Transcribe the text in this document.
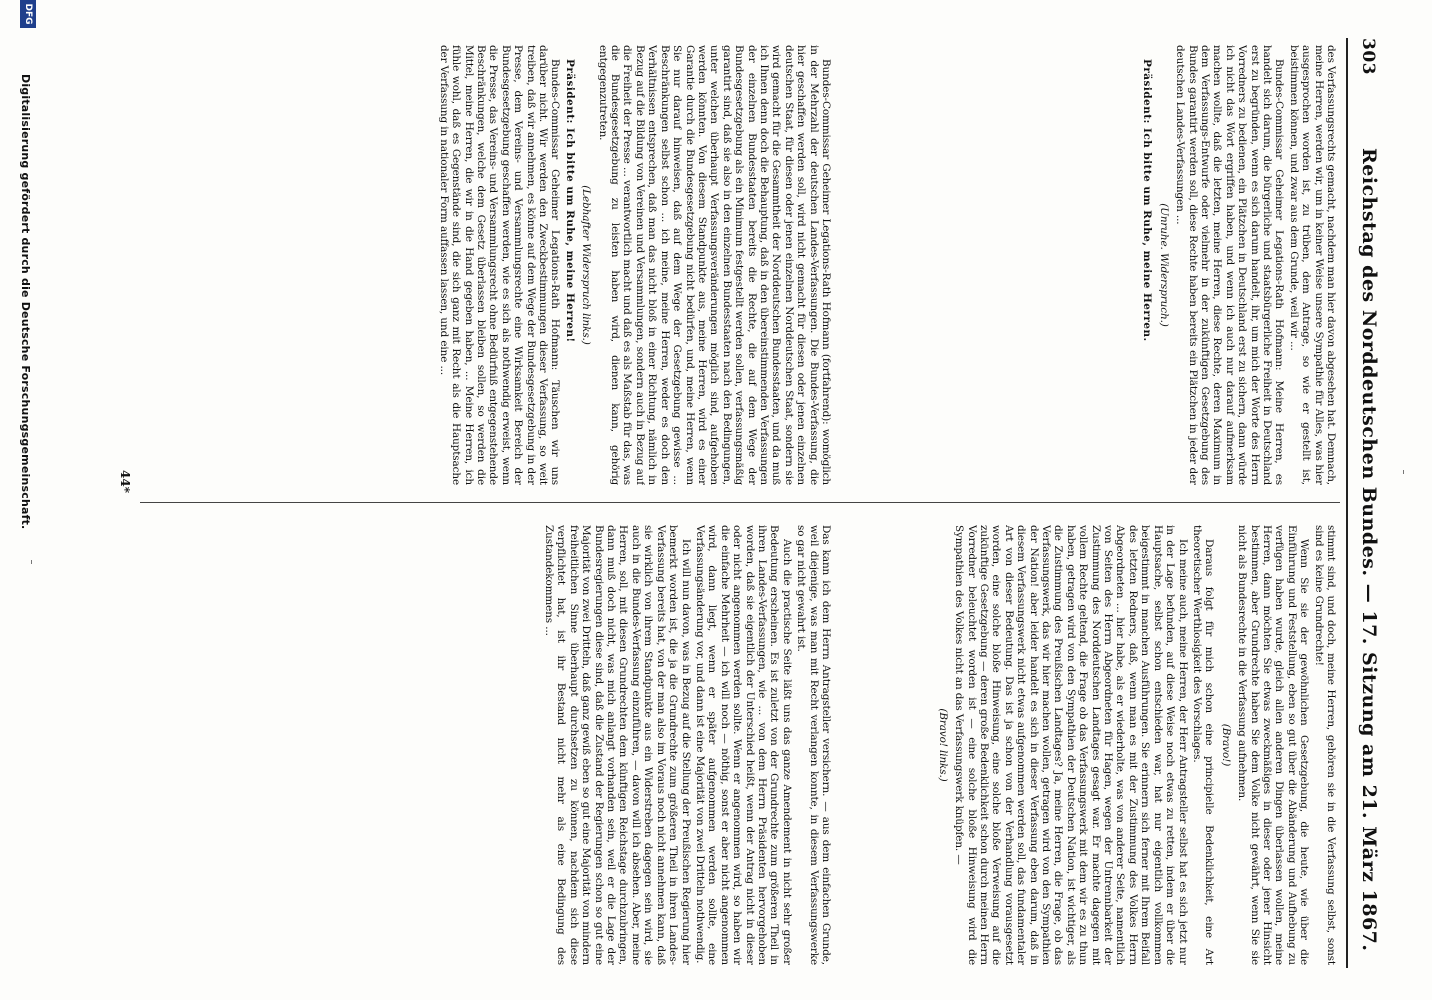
303
Reichstag des Norddeutschen Bundes. — 17. Sitzung am 21. März 1867.

des Verfassungsrechts gemacht, nachdem man hier davon abgesehen hat. Demnach, meine Herren, werden wir, um in keiner Weise unsere Sympathie für Alles, was hier ausgesprochen worden ist, zu trüben, dem Antrage, so wie er gestellt ist, beistimmen können, und zwar aus dem Grunde, weil wir ...

Bundes-Commissar Geheimer Legations-Rath Hofmann: Meine Herren, es handelt sich darum, die bürgerliche und staatsbürgerliche Freiheit in Deutschland erst zu begründen, wenn es sich darum handelt, ihr, um mich der Worte des Herrn Vorredners zu bedienen, ein Plätzchen in Deutschland erst zu sichern, dann würde ich nicht das Wort ergriffen haben, und wenn ich auch nur darauf aufmerksam machen wollte, daß die letzten, meine Herren, diese Rechte, deren Maximum in dem Verfassungs-Entwurfe oder vielmehr in der zukünftigen Gesetzgebung des Bundes garantirt werden soll, diese Rechte haben bereits ein Plätzchen in jeder der deutschen Landes-Verfassungen ...

(Unruhe. Widerspruch.)

Präsident: Ich bitte um Ruhe, meine Herren.

Bundes-Commissar Geheimer Legations-Rath Hofmann (fortfahrend): womöglich in der Mehrzahl der deutschen Landes-Verfassungen. Die Bundes-Verfassung, die hier geschaffen werden soll, wird nicht gemacht für diesen oder jenen einzelnen deutschen Staat, für diesen oder jenen einzelnen Norddeutschen Staat, sondern sie wird gemacht für die Gesammtheit der Norddeutschen Bundesstaaten, und da muß ich Ihnen denn doch die Behauptung, daß in den übereinstimmenden Verfassungen der einzelnen Bundesstaaten bereits die Rechte, die auf dem Wege der Bundesgesetzgebung als ein Minimum festgestellt werden sollen, verfassungsmäßig garantirt sind, daß sie also in den einzelnen Bundesstaaten nach den Bedingungen, unter welchen überhaupt Verfassungsveränderungen möglich sind, aufgehoben werden könnten. Von diesem Standpunkte aus, meine Herren, wird es einer Garantie durch die Bundesgesetzgebung nicht bedürfen, und, meine Herren, wenn Sie nur darauf hinweisen, daß auf dem Wege der Gesetzgebung gewisse ... Beschränkungen selbst schon ... ich meine, meine Herren, weder es doch den Verhältnissen entsprechen, daß man das nicht bloß in einer Richtung, nämlich in Bezug auf die Bildung von Vereinen und Versammlungen, sondern auch in Bezug auf die Freiheit der Presse ... verantwortlich macht und daß es als Maßstab für das, was die Bundesgesetzgebung zu leisten haben wird, dienen kann, gehörig entgegenzutreten.

(Lebhafter Widerspruch links.)

Präsident: Ich bitte um Ruhe, meine Herren!

Bundes-Commissar Geheimer Legations-Rath Hofmann: Täuschen wir uns darüber nicht. Wir werden den Zweckbestimmungen dieser Verfassung, so weit treiben, daß wir annehmen, es könne auf dem Wege der Bundesgesetzgebung in der Presse, dem Vereins- und Versammlungsrechte eine Wirksamkeit Bereich der Bundesgesetzgebung geschaffen werden, wie es sich als nothwendig erweist, wenn die Presse, das Vereins- und Versammlungsrecht ohne Bedürfniß entgegenstehende Beschränkungen, welche dem Gesetz überlassen bleiben sollen, so werden die Mittel, meine Herren, die wir in die Hand gegeben haben, ... Meine Herren, ich fühle wohl, daß es Gegenstände sind, die sich ganz mit Recht als die Hauptsache der Verfassung in nationaler Form auffassen lassen, und eine ...

stimmt sind, und doch, meine Herren, gehören sie in die Verfassung selbst, sonst sind es keine Grundrechte!

Wenn Sie sie der gewöhnlichen Gesetzgebung, die heute, wie über die Einführung und Feststellung, eben so gut über die Abänderung und Aufhebung zu verfügen haben wurde, gleich allen anderen Dingen überlassen wollen, meine Herren, dann möchten Sie etwas zweckmäßiges in dieser oder jener Hinsicht bestimmen, aber Grundrechte haben Sie dem Volke nicht gewährt, wenn Sie sie nicht als Bundesrechte in die Verfassung aufnehmen.

(Bravo!)

Daraus folgt für mich schon eine principielle Bedenklichkeit, eine Art theoretischer Werthlosigkeit des Vorschlages.

Ich meine auch, meine Herren, der Herr Antragsteller selbst hat es sich jetzt nur in der Lage befunden, auf diese Weise noch etwas zu retten, indem er über die Hauptsache, selbst schon entschieden war, hat nur eigentlich vollkommen beigestimmt in manchen Ausführungen. Sie erinnern sich ferner mit Ihrem Beifall des letzten Redners, daß, wenn man es mit der Zustimmung des Volkes Herrn Abgeordneten ... hier habe, als er wiederholte, was von anderer Seite, namentlich von Seiten des Herrn Abgeordneten für Hagen, wegen der Untrennbarkeit der Zustimmung des Norddeutschen Landtages gesagt war. Er machte dagegen mit vollem Rechte geltend, die Frage ob das Verfassungswerk mit dem wir es zu thun haben, getragen wird von den Sympathien der Deutschen Nation, ist wichtiger, als die Zustimmung des Preußischen Landtages? Ja, meine Herren, die Frage, ob das Verfassungswerk, das wir hier machen wollen, getragen wird von den Sympathien der Nation! aber leider handelt es sich in dieser Verfassung eben darum, daß in diesem Verfassungswerk nicht etwas aufgenommen werden soll, das fundamentaler Art von dieser Bedeutung. Das ist ja schon von der Verhandlung vorausgesetzt worden, eine solche bloße Hinweisung, eine solche bloße Verweisung auf die zukünftige Gesetzgebung — deren große Bedenklichkeit schon durch meinen Herrn Vorredner beleuchtet worden ist — eine solche bloße Hinweisung wird die Sympathien des Volkes nicht an das Verfassungswerk knüpfen. —

(Bravo! links.)

Das kann ich dem Herrn Antragsteller versichern. — aus dem einfachen Grunde, weil diejenige, was man mit Recht verlangen konnte, in diesem Verfassungswerke so gar nicht gewahrt ist.

Auch die practische Seite läßt uns das ganze Amendement in nicht sehr großer Bedeutung erscheinen. Es ist zuletzt von der Grundrechte zum größeren Theil in ihren Landes-Verfassungen, wie ... von dem Herrn Präsidenten hervorgehoben worden, daß sie eigentlich der Unterschied heißt, wenn der Antrag nicht in dieser oder nicht angenommen werden sollte. Wenn er angenommen wird, so haben wir die einfache Mehrheit — ich will noch — nöthig, sonst er aber nicht angenommen wird, dann liegt, wenn er später aufgenommen werden sollte, eine Verfassungsänderung vor, und dann ist eine Majorität von zwei Dritteln nothwendig.

Ich will nun davon, was in Bezug auf die Stellung der Preußischen Regierung hier bemerkt worden ist, die ja die Grundrechte zum größeren Theil in ihren Landes-Verfassung bereits hat, von der man also im Voraus noch nicht annehmen kann, daß sie wirklich von ihrem Standpunkte aus ein Widerstreben dagegen sein wird, sie auch in die Bundes-Verfassung einzuführen, — davon will ich absehen. Aber, meine Herren, soll, mit diesen Grundrechten dem künftigen Reichstage durchzubringen, dann muß doch nicht, was mich anlangt vorhanden sein, weil er die Lage der Bundesregierungen diese sind, daß die Zustand der Regierungen schon so gut eine Majorität von zwei Dritteln, daß ganz gewiß eben so gut eine Majorität von mindern freiheitlichen Sinne überhaupt durchsetzen zu können, nachdem sich diese verpflichtet hat, ist ihr Bestand nicht mehr als eine Bedingung des Zustandekommens ...

44*
DFG
Digitalisierung gefördert durch die Deutsche Forschungsgemeinschaft.
